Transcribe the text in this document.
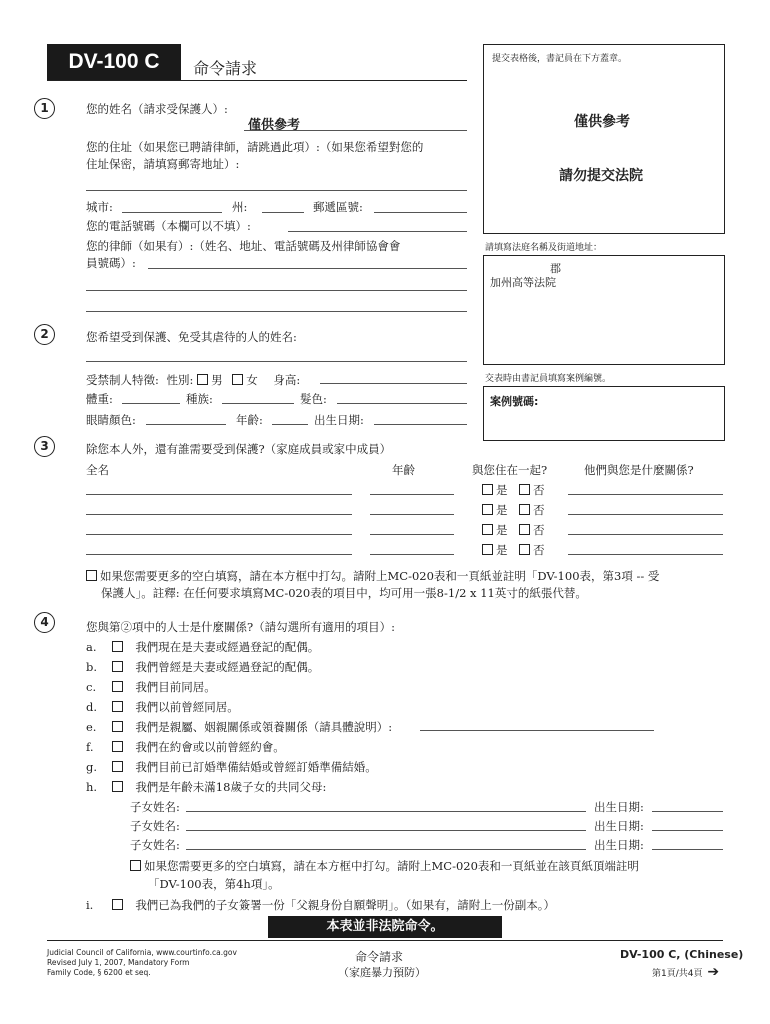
DV-100 C	命令請求	提交表格後，書記員在下方蓋章。
僅供參考
請勿提交法院
請填寫法庭名稱及街道地址：
郡
加州高等法院
交表時由書記員填寫案例編號。
案例號碼:
1	您的姓名（請求受保護人）:
僅供參考
您的住址（如果您已聘請律師，請跳過此項）:（如果您希望對您的
住址保密，請填寫郵寄地址）:
城市:	州:	郵遞區號:
您的電話號碼（本欄可以不填）:
您的律師（如果有）:（姓名、地址、電話號碼及州律師協會會
員號碼）:
2	您希望受到保護、免受其虐待的人的姓名:
受禁制人特徵: 性別: 男 女 身高:
體重:	種族:	髮色:
眼睛顏色:	年齡:	出生日期:
3	除您本人外，還有誰需要受到保護?（家庭成員或家中成員）
全名	年齡	與您住在一起?	他們與您是什麼關係?
是 否
是 否
是 否
是 否
如果您需要更多的空白填寫，請在本方框中打勾。請附上MC-020表和一頁紙並註明「DV-100表，第3項 -- 受
保護人」。註釋: 在任何要求填寫MC-020表的項目中，均可用一張8-1/2 x 11英寸的紙張代替。
4	您與第②項中的人士是什麼關係?（請勾選所有適用的項目）:
a.	我們現在是夫妻或經過登記的配偶。
b.	我們曾經是夫妻或經過登記的配偶。
c.	我們目前同居。
d.	我們以前曾經同居。
e.	我們是親屬、姻親關係或領養關係（請具體說明）:
f.	我們在約會或以前曾經約會。
g.	我們目前已訂婚準備結婚或曾經訂婚準備結婚。
h.	我們是年齡未滿18歲子女的共同父母:
子女姓名:	出生日期:
子女姓名:	出生日期:
子女姓名:	出生日期:
如果您需要更多的空白填寫，請在本方框中打勾。請附上MC-020表和一頁紙並在該頁紙頂端註明
「DV-100表，第4h項」。
i.	我們已為我們的子女簽署一份「父親身份自願聲明」。（如果有，請附上一份副本。）
本表並非法院命令。
Judicial Council of California, www.courtinfo.ca.gov
Revised July 1, 2007, Mandatory Form
Family Code, § 6200 et seq.
命令請求
（家庭暴力預防）
DV-100 C, (Chinese)
第1頁/共4頁 ➔
